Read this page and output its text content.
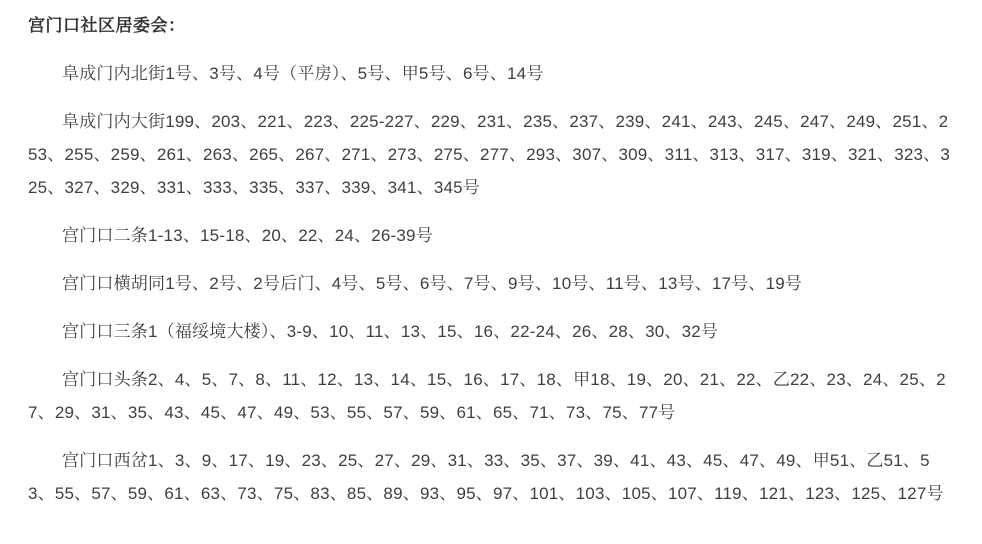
宫门口社区居委会：

阜成门内北街1号、3号、4号（平房）、5号、甲5号、6号、14号

阜成门内大街199、203、221、223、225-227、229、231、235、237、239、241、243、245、247、249、251、253、255、259、261、263、265、267、271、273、275、277、293、307、309、311、313、317、319、321、323、325、327、329、331、333、335、337、339、341、345号

宫门口二条1-13、15-18、20、22、24、26-39号

宫门口横胡同1号、2号、2号后门、4号、5号、6号、7号、9号、10号、11号、13号、17号、19号

宫门口三条1（福绥境大楼）、3-9、10、11、13、15、16、22-24、26、28、30、32号

宫门口头条2、4、5、7、8、11、12、13、14、15、16、17、18、甲18、19、20、21、22、乙22、23、24、25、27、29、31、35、43、45、47、49、53、55、57、59、61、65、71、73、75、77号

宫门口西岔1、3、9、17、19、23、25、27、29、31、33、35、37、39、41、43、45、47、49、甲51、乙51、53、55、57、59、61、63、73、75、83、85、89、93、95、97、101、103、105、107、119、121、123、125、127号
